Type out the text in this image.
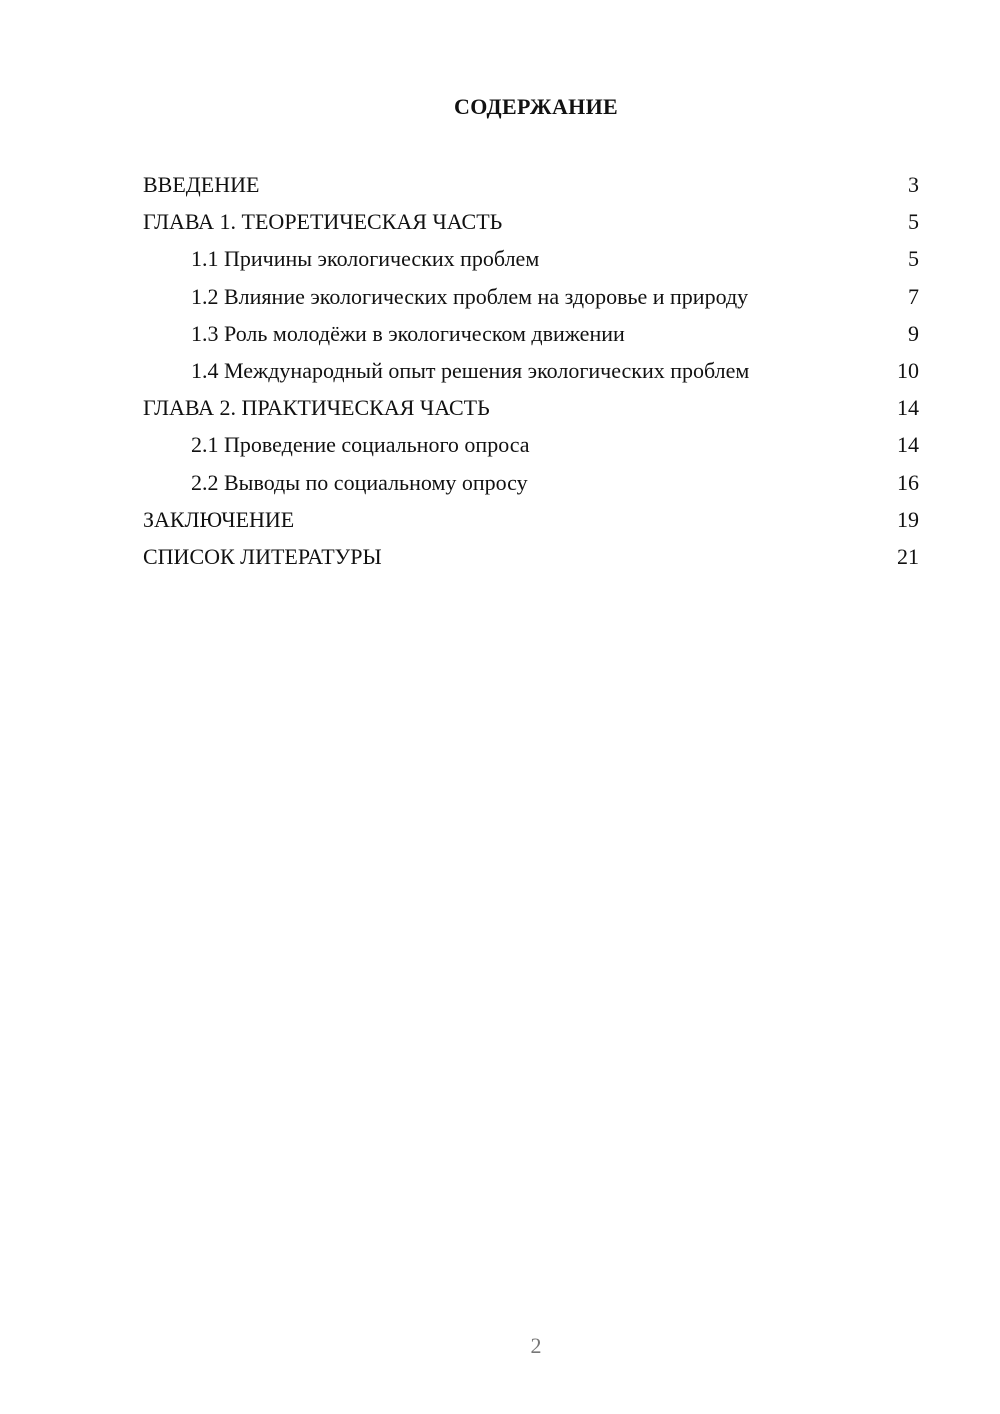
СОДЕРЖАНИЕ
ВВЕДЕНИЕ	3
ГЛАВА 1. ТЕОРЕТИЧЕСКАЯ ЧАСТЬ	5
1.1 Причины экологических проблем	5
1.2 Влияние экологических проблем на здоровье и природу	7
1.3 Роль молодёжи в экологическом движении	9
1.4 Международный опыт решения экологических проблем	10
ГЛАВА 2. ПРАКТИЧЕСКАЯ ЧАСТЬ	14
2.1 Проведение социального опроса	14
2.2 Выводы по социальному опросу	16
ЗАКЛЮЧЕНИЕ	19
СПИСОК ЛИТЕРАТУРЫ	21
2
